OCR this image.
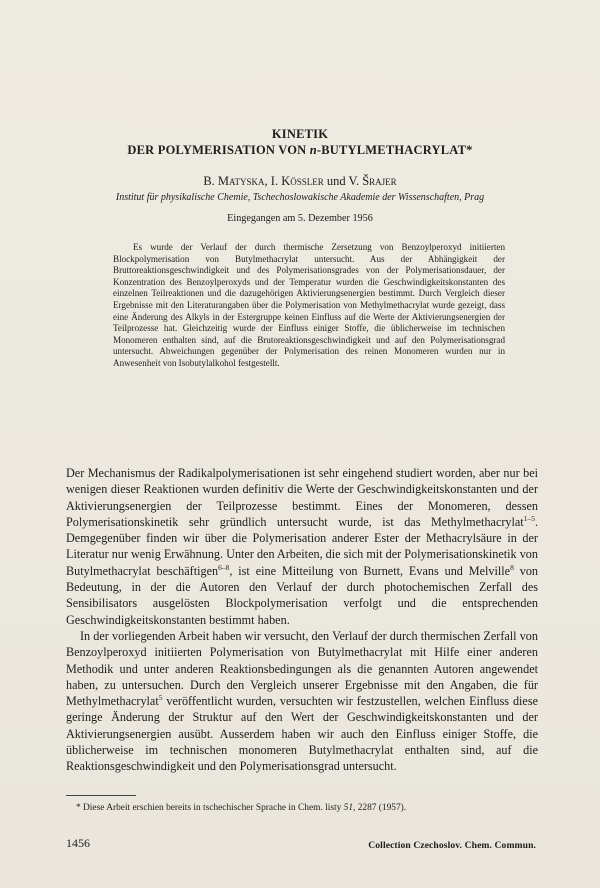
KINETIK
DER POLYMERISATION VON n-BUTYLMETHACRYLAT*
B. Matyska, I. Kössler und V. Šrajer
Institut für physikalische Chemie, Tschechoslowakische Akademie der Wissenschaften, Prag
Eingegangen am 5. Dezember 1956

Es wurde der Verlauf der durch thermische Zersetzung von Benzoylperoxyd initiierten Blockpolymerisation von Butylmethacrylat untersucht. Aus der Abhängigkeit der Bruttoreaktionsgeschwindigkeit und des Polymerisationsgrades von der Polymerisationsdauer, der Konzentration des Benzoylperoxyds und der Temperatur wurden die Geschwindigkeitskonstanten des einzelnen Teilreaktionen und die dazugehörigen Aktivierungsenergien bestimmt. Durch Vergleich dieser Ergebnisse mit den Literaturangaben über die Polymerisation von Methylmethacrylat wurde gezeigt, dass eine Änderung des Alkyls in der Estergruppe keinen Einfluss auf die Werte der Aktivierungsenergien der Teilprozesse hat. Gleichzeitig wurde der Einfluss einiger Stoffe, die üblicherweise im technischen Monomeren enthalten sind, auf die Brutoreaktionsgeschwindigkeit und auf den Polymerisationsgrad untersucht. Abweichungen gegenüber der Polymerisation des reinen Monomeren wurden nur in Anwesenheit von Isobutylalkohol festgestellt.

Der Mechanismus der Radikalpolymerisationen ist sehr eingehend studiert worden, aber nur bei wenigen dieser Reaktionen wurden definitiv die Werte der Geschwindigkeitskonstanten und der Aktivierungsenergien der Teilprozesse bestimmt. Eines der Monomeren, dessen Polymerisationskinetik sehr gründlich untersucht wurde, ist das Methylmethacrylat$^{1-5}$. Demgegenüber finden wir über die Polymerisation anderer Ester der Methacrylsäure in der Literatur nur wenig Erwähnung. Unter den Arbeiten, die sich mit der Polymerisationskinetik von Butylmethacrylat beschäftigen$^{6-8}$, ist eine Mitteilung von Burnett, Evans und Melville$^8$ von Bedeutung, in der die Autoren den Verlauf der durch photochemischen Zerfall des Sensibilisators ausgelösten Blockpolymerisation verfolgt und die entsprechenden Geschwindigkeitskonstanten bestimmt haben.

In der vorliegenden Arbeit haben wir versucht, den Verlauf der durch thermischen Zerfall von Benzoylperoxyd initiierten Polymerisation von Butylmethacrylat mit Hilfe einer anderen Methodik und unter anderen Reaktionsbedingungen als die genannten Autoren angewendet haben, zu untersuchen. Durch den Vergleich unserer Ergebnisse mit den Angaben, die für Methylmethacrylat$^5$ veröffentlicht wurden, versuchten wir festzustellen, welchen Einfluss diese geringe Änderung der Struktur auf den Wert der Geschwindigkeitskonstanten und der Aktivierungsenergien ausübt. Ausserdem haben wir auch den Einfluss einiger Stoffe, die üblicherweise im technischen monomeren Butylmethacrylat enthalten sind, auf die Reaktionsgeschwindigkeit und den Polymerisationsgrad untersucht.

* Diese Arbeit erschien bereits in tschechischer Sprache in Chem. listy 51, 2287 (1957).
1456	Collection Czechoslov. Chem. Commun.
